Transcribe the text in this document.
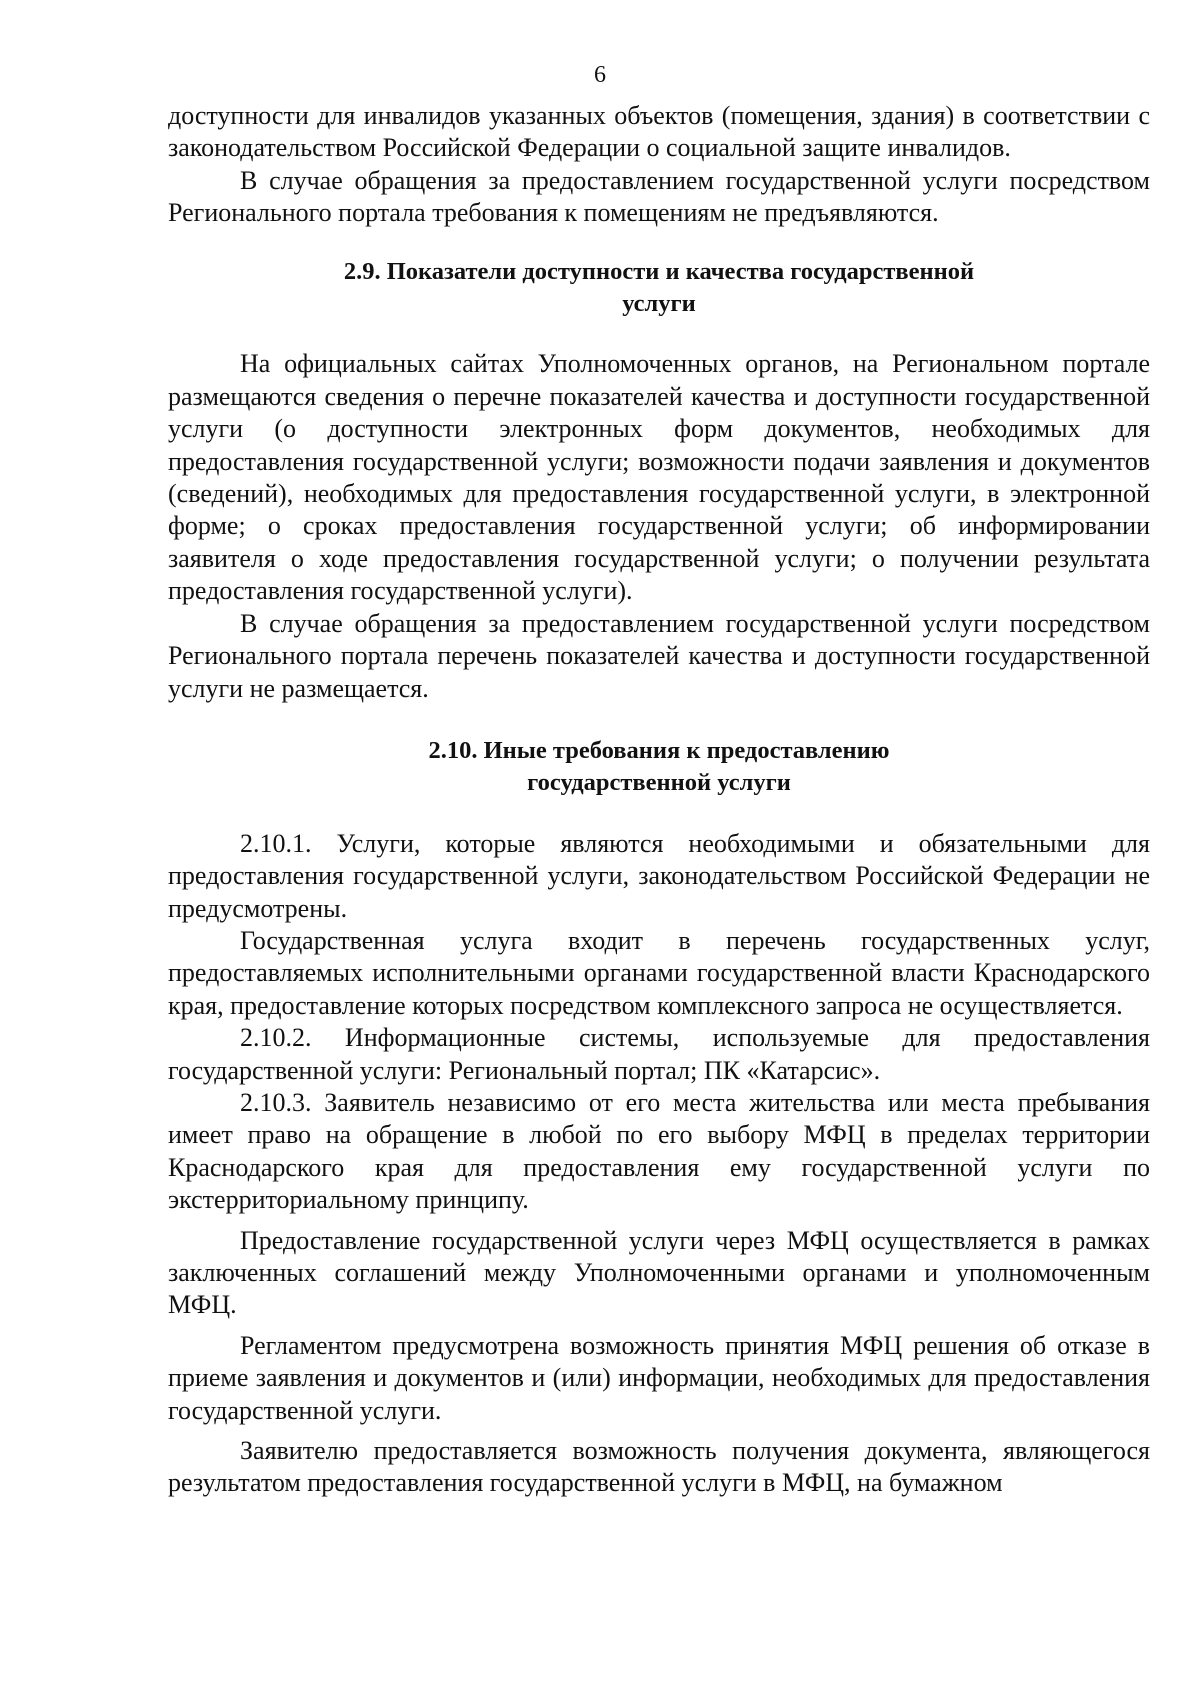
6

доступности для инвалидов указанных объектов (помещения, здания) в соответствии с законодательством Российской Федерации о социальной защите инвалидов.

В случае обращения за предоставлением государственной услуги посредством Регионального портала требования к помещениям не предъявляются.

2.9. Показатели доступности и качества государственной
услуги

На официальных сайтах Уполномоченных органов, на Региональном портале размещаются сведения о перечне показателей качества и доступности государственной услуги (о доступности электронных форм документов, необходимых для предоставления государственной услуги; возможности подачи заявления и документов (сведений), необходимых для предоставления государственной услуги, в электронной форме; о сроках предоставления государственной услуги; об информировании заявителя о ходе предоставления государственной услуги; о получении результата предоставления государственной услуги).

В случае обращения за предоставлением государственной услуги посредством Регионального портала перечень показателей качества и доступности государственной услуги не размещается.

2.10. Иные требования к предоставлению
государственной услуги

2.10.1. Услуги, которые являются необходимыми и обязательными для предоставления государственной услуги, законодательством Российской Федерации не предусмотрены.

Государственная услуга входит в перечень государственных услуг, предоставляемых исполнительными органами государственной власти Краснодарского края, предоставление которых посредством комплексного запроса не осуществляется.

2.10.2. Информационные системы, используемые для предоставления государственной услуги: Региональный портал; ПК «Катарсис».

2.10.3. Заявитель независимо от его места жительства или места пребывания имеет право на обращение в любой по его выбору МФЦ в пределах территории Краснодарского края для предоставления ему государственной услуги по экстерриториальному принципу.

Предоставление государственной услуги через МФЦ осуществляется в рамках заключенных соглашений между Уполномоченными органами и уполномоченным МФЦ.

Регламентом предусмотрена возможность принятия МФЦ решения об отказе в приеме заявления и документов и (или) информации, необходимых для предоставления государственной услуги.

Заявителю предоставляется возможность получения документа, являющегося результатом предоставления государственной услуги в МФЦ, на бумажном
